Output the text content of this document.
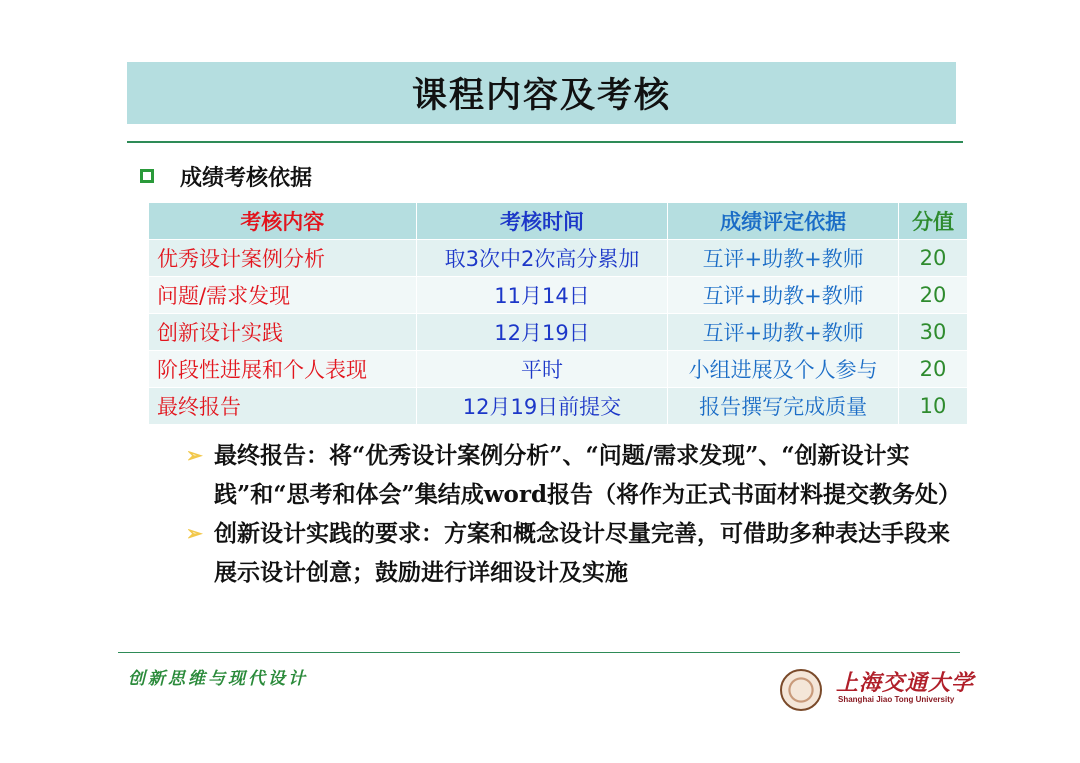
课程内容及考核
成绩考核依据
考核内容	考核时间	成绩评定依据	分值
优秀设计案例分析	取3次中2次高分累加	互评+助教+教师	20
问题/需求发现	11月14日	互评+助教+教师	20
创新设计实践	12月19日	互评+助教+教师	30
阶段性进展和个人表现	平时	小组进展及个人参与	20
最终报告	12月19日前提交	报告撰写完成质量	10
➢ 最终报告：将“优秀设计案例分析”、“问题/需求发现”、“创新设计实践”和“思考和体会”集结成word报告（将作为正式书面材料提交教务处）
➢ 创新设计实践的要求：方案和概念设计尽量完善，可借助多种表达手段来展示设计创意；鼓励进行详细设计及实施
创新思维与现代设计	上海交通大学
Shanghai Jiao Tong University
